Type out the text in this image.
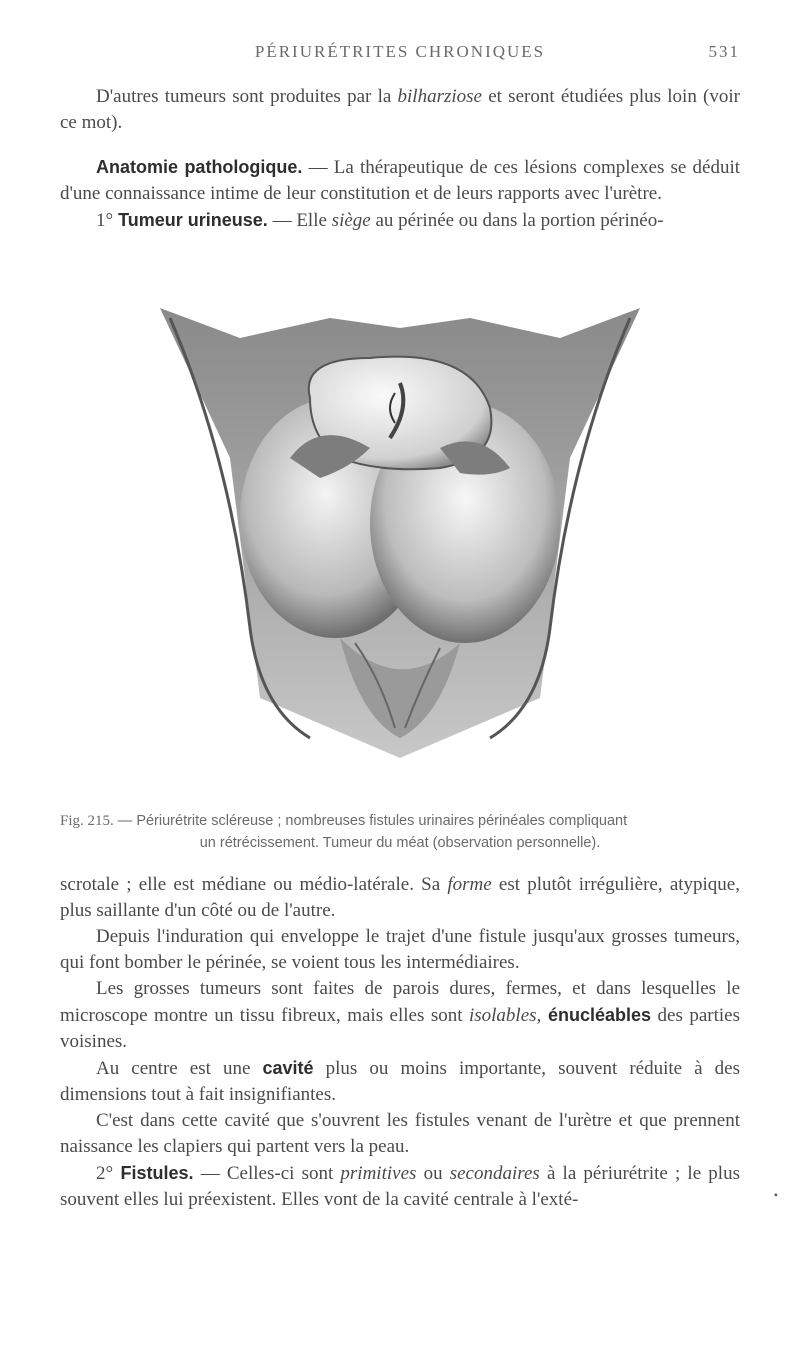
PÉRIURÉTRITES CHRONIQUES	531

D'autres tumeurs sont produites par la bilharziose et seront étudiées plus loin (voir ce mot).

Anatomie pathologique. — La thérapeutique de ces lésions complexes se déduit d'une connaissance intime de leur constitution et de leurs rapports avec l'urètre.

1° Tumeur urineuse. — Elle siège au périnée ou dans la portion périnéo-

Fig. 215. — Périurétrite scléreuse ; nombreuses fistules urinaires périnéales compliquant
un rétrécissement. Tumeur du méat (observation personnelle).

scrotale ; elle est médiane ou médio-latérale. Sa forme est plutôt irrégulière, atypique, plus saillante d'un côté ou de l'autre.

Depuis l'induration qui enveloppe le trajet d'une fistule jusqu'aux grosses tumeurs, qui font bomber le périnée, se voient tous les intermédiaires.

Les grosses tumeurs sont faites de parois dures, fermes, et dans lesquelles le microscope montre un tissu fibreux, mais elles sont isolables, énucléables des parties voisines.

Au centre est une cavité plus ou moins importante, souvent réduite à des dimensions tout à fait insignifiantes.

C'est dans cette cavité que s'ouvrent les fistules venant de l'urètre et que prennent naissance les clapiers qui partent vers la peau.

2° Fistules. — Celles-ci sont primitives ou secondaires à la périurétrite ; le plus souvent elles lui préexistent. Elles vont de la cavité centrale à l'exté-	•
